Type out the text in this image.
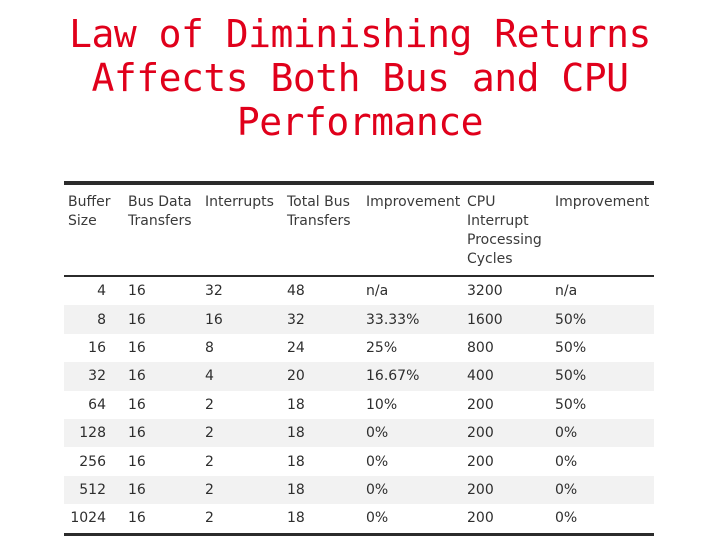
Law of Diminishing Returns
Affects Both Bus and CPU
Performance
Buffer Size	Bus Data Transfers	Interrupts	Total Bus Transfers	Improvement	CPU Interrupt Processing Cycles	Improvement

4	16	32	48	n/a	3200	n/a
8	16	16	32	33.33%	1600	50%
16	16	8	24	25%	800	50%
32	16	4	20	16.67%	400	50%
64	16	2	18	10%	200	50%
128	16	2	18	0%	200	0%
256	16	2	18	0%	200	0%
512	16	2	18	0%	200	0%
1024	16	2	18	0%	200	0%
